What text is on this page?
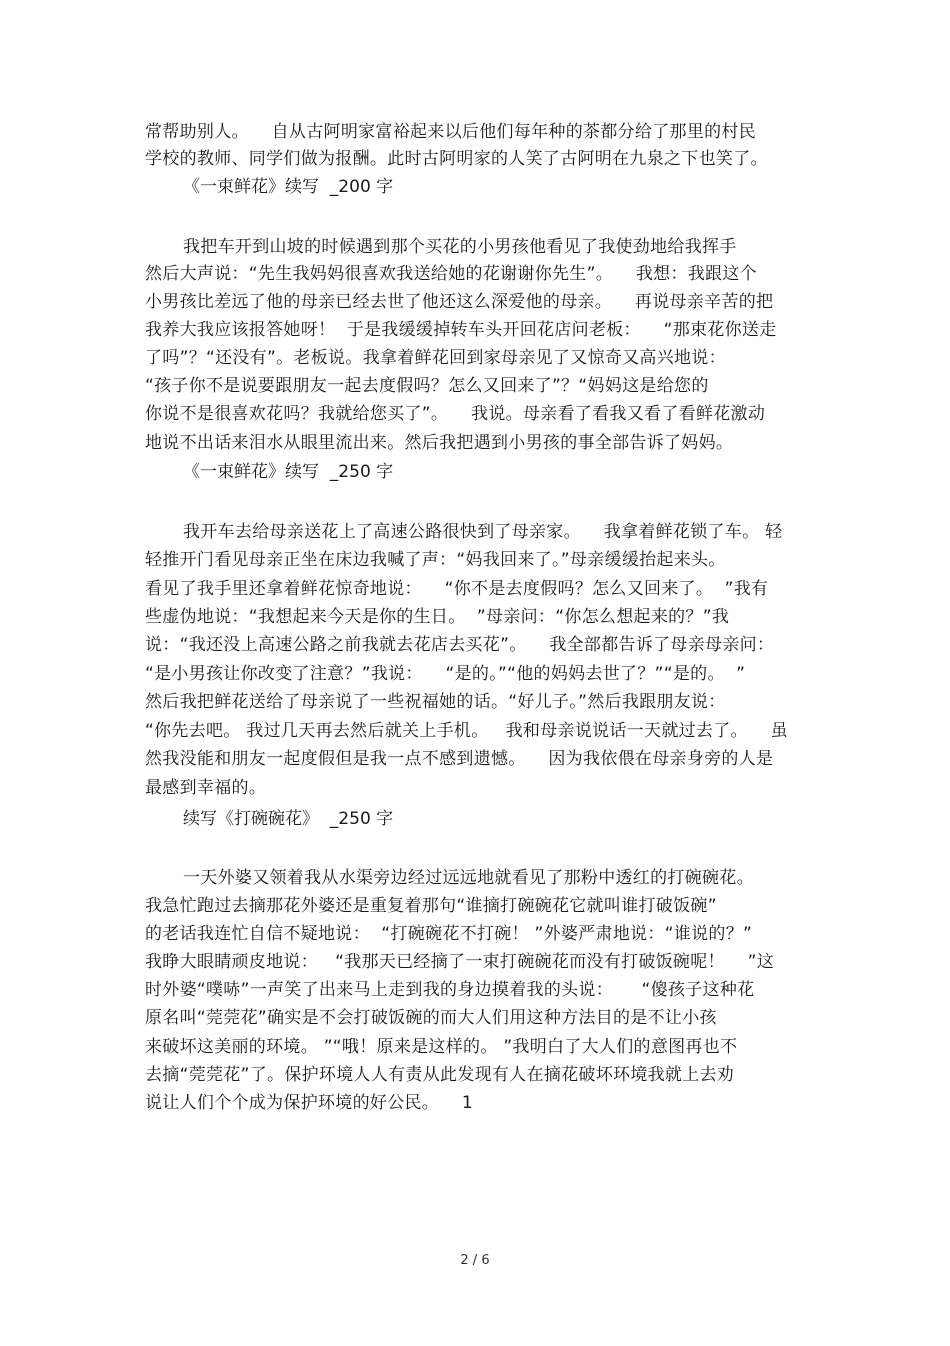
常帮助别人。    自从古阿明家富裕起来以后他们每年种的茶都分给了那里的村民
学校的教师、同学们做为报酬。此时古阿明家的人笑了古阿明在九泉之下也笑了。
《一束鲜花》续写  _200 字
我把车开到山坡的时候遇到那个买花的小男孩他看见了我使劲地给我挥手
然后大声说：“先生我妈妈很喜欢我送给她的花谢谢你先生”。    我想：我跟这个
小男孩比差远了他的母亲已经去世了他还这么深爱他的母亲。    再说母亲辛苦的把
我养大我应该报答她呀！  于是我缓缓掉转车头开回花店问老板：    “那束花你送走
了吗”？“还没有”。老板说。我拿着鲜花回到家母亲见了又惊奇又高兴地说：
“孩子你不是说要跟朋友一起去度假吗？怎么又回来了”？“妈妈这是给您的
你说不是很喜欢花吗？我就给您买了”。    我说。母亲看了看我又看了看鲜花激动
地说不出话来泪水从眼里流出来。然后我把遇到小男孩的事全部告诉了妈妈。
《一束鲜花》续写  _250 字
我开车去给母亲送花上了高速公路很快到了母亲家。    我拿着鲜花锁了车。 轻
轻推开门看见母亲正坐在床边我喊了声：“妈我回来了。”母亲缓缓抬起来头。
看见了我手里还拿着鲜花惊奇地说：    “你不是去度假吗？怎么又回来了。  ”我有
些虚伪地说：“我想起来今天是你的生日。  ”母亲问：“你怎么想起来的？”我
说：“我还没上高速公路之前我就去花店去买花”。    我全部都告诉了母亲母亲问：
“是小男孩让你改变了注意？”我说：    “是的。”“他的妈妈去世了？”“是的。  ”
然后我把鲜花送给了母亲说了一些祝福她的话。“好儿子。”然后我跟朋友说：
“你先去吧。 我过几天再去然后就关上手机。   我和母亲说说话一天就过去了。    虽
然我没能和朋友一起度假但是我一点不感到遗憾。    因为我依偎在母亲身旁的人是
最感到幸福的。
续写《打碗碗花》  _250 字
一天外婆又领着我从水渠旁边经过远远地就看见了那粉中透红的打碗碗花。
我急忙跑过去摘那花外婆还是重复着那句“谁摘打碗碗花它就叫谁打破饭碗”
的老话我连忙自信不疑地说：  “打碗碗花不打碗！ ”外婆严肃地说：“谁说的？”
我睁大眼睛顽皮地说：   “我那天已经摘了一束打碗碗花而没有打破饭碗呢！    ”这
时外婆“噗哧”一声笑了出来马上走到我的身边摸着我的头说：     “傻孩子这种花
原名叫“莞莞花”确实是不会打破饭碗的而大人们用这种方法目的是不让小孩
来破坏这美丽的环境。 ”“哦！原来是这样的。 ”我明白了大人们的意图再也不
去摘“莞莞花”了。保护环境人人有责从此发现有人在摘花破坏环境我就上去劝
说让人们个个成为保护环境的好公民。    1
2 / 6
